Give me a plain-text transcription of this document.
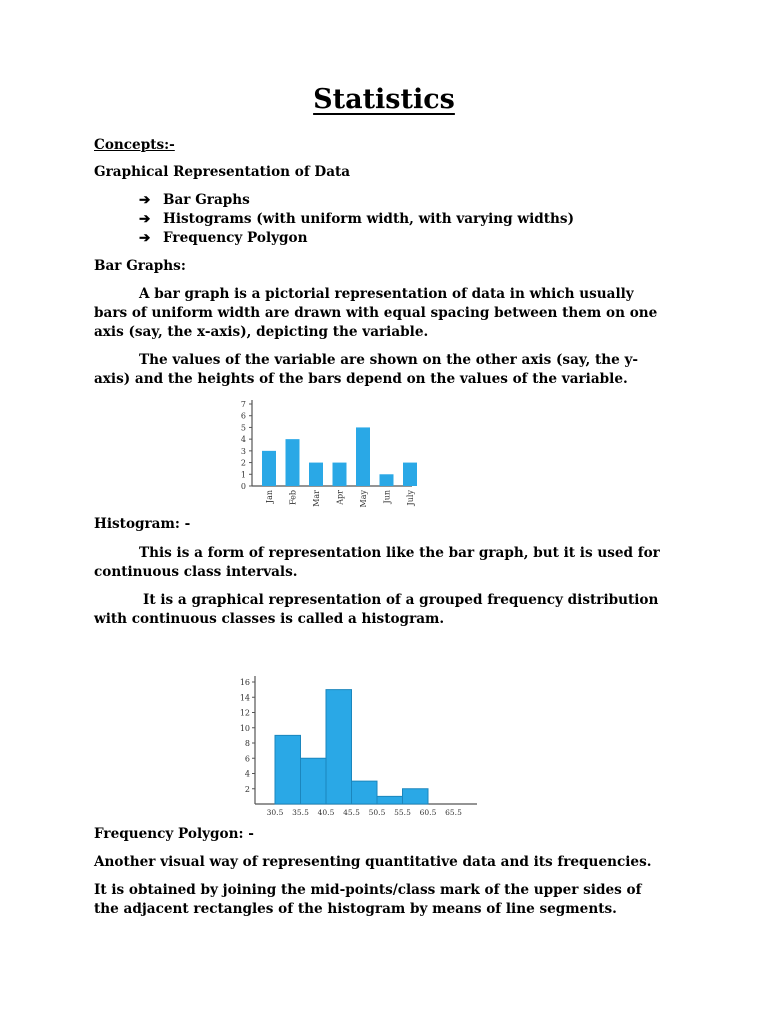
Statistics
Concepts:-
Graphical Representation of Data
➔ Bar Graphs
➔ Histograms (with uniform width, with varying widths)
➔ Frequency Polygon
Bar Graphs:
A bar graph is a pictorial representation of data in which usually
bars of uniform width are drawn with equal spacing between them on one
axis (say, the x-axis), depicting the variable.
The values of the variable are shown on the other axis (say, the y-
axis) and the heights of the bars depend on the values of the variable.
0
1
2
3
4
5
6
7
Jan Feb Mar Apr May Jun July
Histogram: -
This is a form of representation like the bar graph, but it is used for
continuous class intervals.
It is a graphical representation of a grouped frequency distribution
with continuous classes is called a histogram.
2
4
6
8
10
12
14
16
30.5 35.5 40.5 45.5 50.5 55.5 60.5 65.5
Frequency Polygon: -
Another visual way of representing quantitative data and its frequencies.
It is obtained by joining the mid-points/class mark of the upper sides of
the adjacent rectangles of the histogram by means of line segments.
